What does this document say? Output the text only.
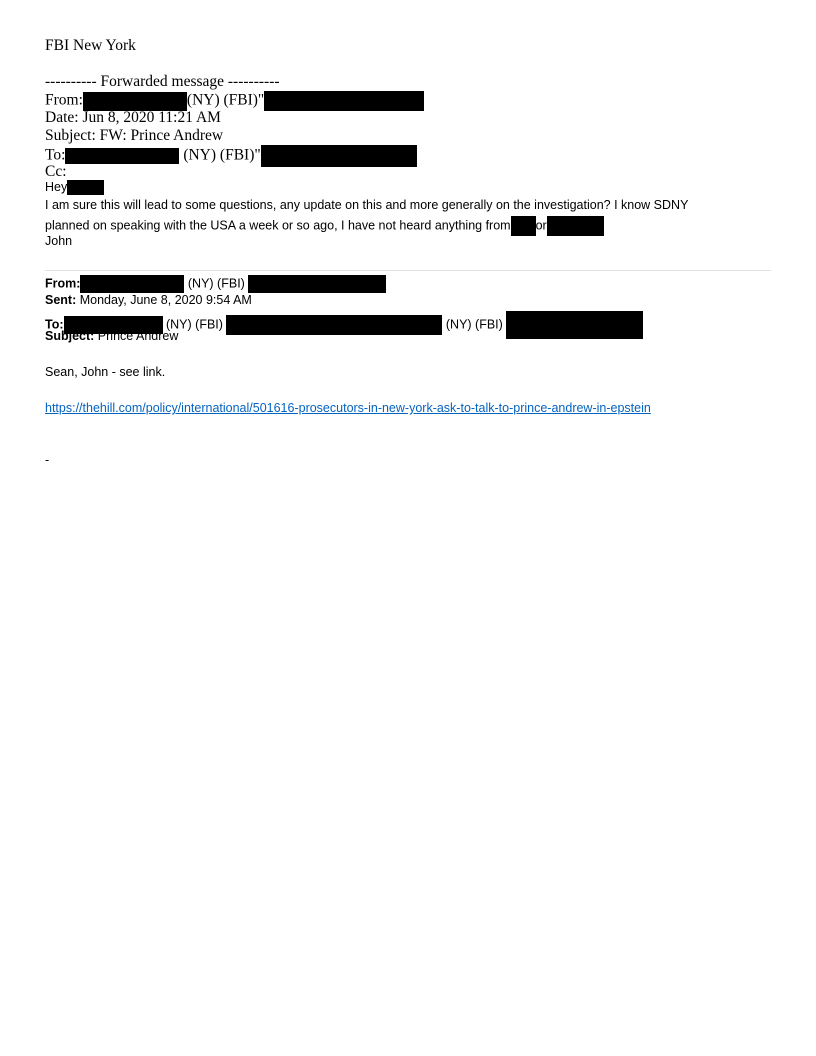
FBI New York
---------- Forwarded message ----------
From:	(NY) (FBI)"
Date: Jun 8, 2020 11:21 AM
Subject: FW: Prince Andrew
To:	(NY) (FBI)"
Cc:
Hey
I am sure this will lead to some questions, any update on this and more generally on the investigation? I know SDNY
planned on speaking with the USA a week or so ago, I have not heard anything from or
John
From:	(NY) (FBI)
Sent: Monday, June 8, 2020 9:54 AM
To:	(NY) (FBI)	(NY) (FBI)
Subject: Prince Andrew
Sean, John - see link.
https://thehill.com/policy/international/501616-prosecutors-in-new-york-ask-to-talk-to-prince-andrew-in-epstein
-
